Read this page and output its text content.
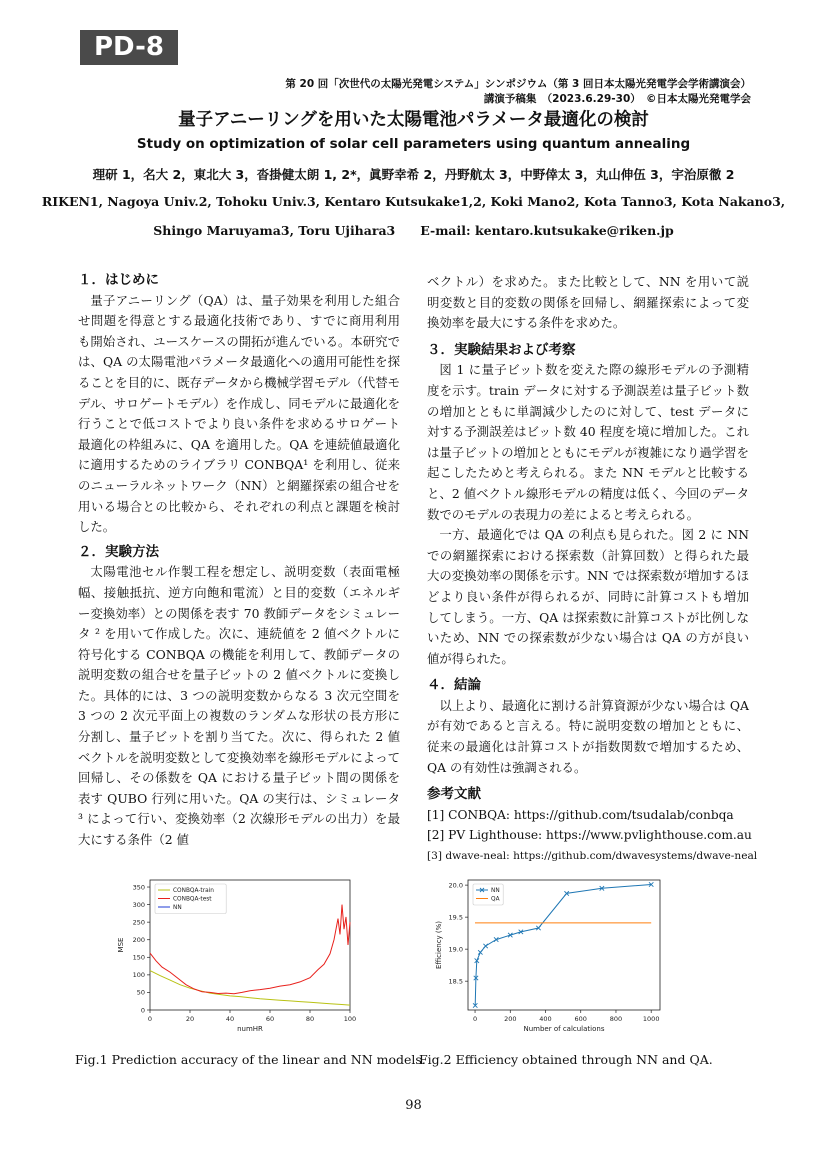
PD-8
第 20 回「次世代の太陽光発電システム」シンポジウム（第 3 回日本太陽光発電学会学術講演会）
講演予稿集　（2023.6.29-30）　©日本太陽光発電学会
量子アニーリングを用いた太陽電池パラメータ最適化の検討
Study on optimization of solar cell parameters using quantum annealing
理研 1，名大 2，東北大 3，沓掛健太朗 1, 2*，眞野幸希 2，丹野航太 3，中野倖太 3，丸山伸伍 3，宇治原徹 2
RIKEN1, Nagoya Univ.2, Tohoku Univ.3, Kentaro Kutsukake1,2, Koki Mano2, Kota Tanno3, Kota Nakano3,
Shingo Maruyama3, Toru Ujihara3　　E-mail: kentaro.kutsukake@riken.jp

１．はじめに

量子アニーリング（QA）は、量子効果を利用した組合せ問題を得意とする最適化技術であり、すでに商用利用も開始され、ユースケースの開拓が進んでいる。本研究では、QA の太陽電池パラメータ最適化への適用可能性を探ることを目的に、既存データから機械学習モデル（代替モデル、サロゲートモデル）を作成し、同モデルに最適化を行うことで低コストでより良い条件を求めるサロゲート最適化の枠組みに、QA を適用した。QA を連続値最適化に適用するためのライブラリ CONBQA¹ を利用し、従来のニューラルネットワーク（NN）と網羅探索の組合せを用いる場合との比較から、それぞれの利点と課題を検討した。

２．実験方法

太陽電池セル作製工程を想定し、説明変数（表面電極幅、接触抵抗、逆方向飽和電流）と目的変数（エネルギー変換効率）との関係を表す 70 教師データをシミュレータ ² を用いて作成した。次に、連続値を 2 値ベクトルに符号化する CONBQA の機能を利用して、教師データの説明変数の組合せを量子ビットの 2 値ベクトルに変換した。具体的には、3 つの説明変数からなる 3 次元空間を 3 つの 2 次元平面上の複数のランダムな形状の長方形に分割し、量子ビットを割り当てた。次に、得られた 2 値ベクトルを説明変数として変換効率を線形モデルによって回帰し、その係数を QA における量子ビット間の関係を表す QUBO 行列に用いた。QA の実行は、シミュレータ ³ によって行い、変換効率（2 次線形モデルの出力）を最大にする条件（2 値

ベクトル）を求めた。また比較として、NN を用いて説明変数と目的変数の関係を回帰し、網羅探索によって変換効率を最大にする条件を求めた。

３．実験結果および考察

図 1 に量子ビット数を変えた際の線形モデルの予測精度を示す。train データに対する予測誤差は量子ビット数の増加とともに単調減少したのに対して、test データに対する予測誤差はビット数 40 程度を境に増加した。これは量子ビットの増加とともにモデルが複雑になり過学習を起こしたためと考えられる。また NN モデルと比較すると、2 値ベクトル線形モデルの精度は低く、今回のデータ数でのモデルの表現力の差によると考えられる。

一方、最適化では QA の利点も見られた。図 2 に NN での網羅探索における探索数（計算回数）と得られた最大の変換効率の関係を示す。NN では探索数が増加するほどより良い条件が得られるが、同時に計算コストも増加してしまう。一方、QA は探索数に計算コストが比例しないため、NN での探索数が少ない場合は QA の方が良い値が得られた。

４．結論

以上より、最適化に割ける計算資源が少ない場合は QA が有効であると言える。特に説明変数の増加とともに、従来の最適化は計算コストが指数関数で増加するため、QA の有効性は強調される。

参考文献

[1] CONBQA: https://github.com/tsudalab/conbqa

[2] PV Lighthouse: https://www.pvlighthouse.com.au

[3] dwave-neal: https://github.com/dwavesystems/dwave-neal

0	20	40	60	80	100
0
50
100
150
200
250
300
350
numHR
MSE
CONBQA-train
CONBQA-test
NN
0	200	400	600	800	1000
18.5
19.0
19.5
20.0
Number of calculations
Efficiency (%)
NN
QA
Fig.1 Prediction accuracy of the linear and NN models.
Fig.2 Efficiency obtained through NN and QA.
98
